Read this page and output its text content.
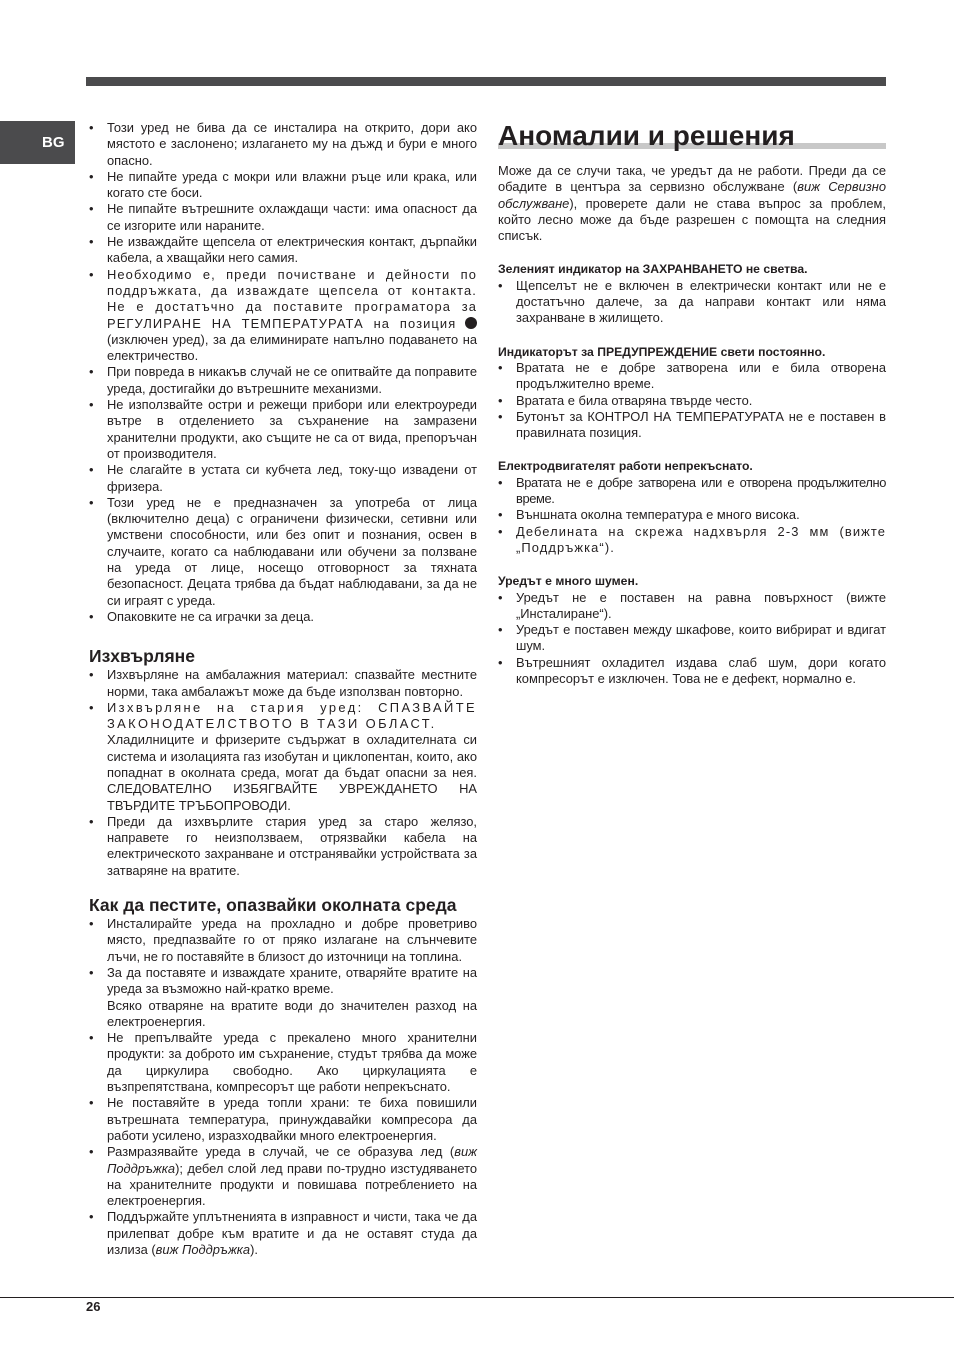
BG
• Този уред не бива да се инсталира на открито, дори ако мястото е заслонено; излагането му на дъжд и бури е много опасно.
• Не пипайте уреда с мокри или влажни ръце или крака, или когато сте боси.
• Не пипайте вътрешните охлаждащи части: има опасност да се изгорите или нараните.
• Не изваждайте щепсела от електрическия контакт, дърпайки кабела, а хващайки него самия.
• Необходимо е, преди почистване и дейности по поддръжката, да изваждате щепсела от контакта. Не е достатъчно да поставите програматора за РЕГУЛИРАНЕ НА ТЕМПЕРАТУРАТА на позиция  (изключен уред), за да елиминирате напълно подаването на електричество.
• При повреда в никакъв случай не се опитвайте да поправите уреда, достигайки до вътрешните механизми.
• Не използвайте остри и режещи прибори или електроуреди вътре в отделението за съхранение на замразени хранителни продукти, ако същите не са от вида, препоръчан от производителя.
• Не слагайте в устата си кубчета лед, току-що извадени от фризера.
• Този уред не е предназначен за употреба от лица (включително деца) с ограничени физически, сетивни или умствени способности, или без опит и познания, освен в случаите, когато са наблюдавани или обучени за ползване на уреда от лице, носещо отговорност за тяхната безопасност. Децата трябва да бъдат наблюдавани, за да не си играят с уреда.
• Опаковките не са играчки за деца.
Изхвърляне
• Изхвърляне на амбалажния материал: спазвайте местните норми, така амбалажът може да бъде използван повторно.
• Изхвърляне на стария уред: СПАЗВАЙТЕ ЗАКОНОДАТЕЛСТВОТО В ТАЗИ ОБЛАСТ.
Хладилниците и фризерите съдържат в охладителната си система и изолацията газ изобутан и циклопентан, които, ако попаднат в околната среда, могат да бъдат опасни за нея. СЛЕДОВАТЕЛНО ИЗБЯГВАЙТЕ УВРЕЖДАНЕТО НА ТВЪРДИТЕ ТРЪБОПРОВОДИ.
• Преди да изхвърлите стария уред за старо желязо, направете го неизползваем, отрязвайки кабела на електрическото захранване и отстранявайки устройствата за затваряне на вратите.
Как да пестите, опазвайки околната среда
• Инсталирайте уреда на прохладно и добре проветриво място, предпазвайте го от пряко излагане на слънчевите лъчи, не го поставяйте в близост до източници на топлина.
• За да поставяте и изваждате храните, отваряйте вратите на уреда за възможно най-кратко време.
Всяко отваряне на вратите води до значителен разход на електроенергия.
• Не препълвайте уреда с прекалено много хранителни продукти: за доброто им съхранение, студът трябва да може да циркулира свободно. Ако циркулацията е възпрепятствана, компресорът ще работи непрекъснато.
• Не поставяйте в уреда топли храни: те биха повишили вътрешната температура, принуждавайки компресора да работи усилено, изразходвайки много електроенергия.
• Размразявайте уреда в случай, че се образува лед (виж Поддръжка); дебел слой лед прави по-трудно изстудяването на хранителните продукти и повишава потреблението на електроенергия.
• Поддържайте уплътненията в изправност и чисти, така че да прилепват добре към вратите и да не оставят студа да излиза (виж Поддръжка).
Аномалии и решения

Може да се случи така, че уредът да не работи. Преди да се обадите в центъра за сервизно обслужване (виж Сервизно обслужване), проверете дали не става въпрос за проблем, който лесно може да бъде разрешен с помощта на следния списък.

Зеленият индикатор на ЗАХРАНВАНЕТО не светва.

• Щепселът не е включен в електрически контакт или не е достатъчно далече, за да направи контакт или няма захранване в жилището.

Индикаторът за ПРЕДУПРЕЖДЕНИЕ свети постоянно.

• Вратата не е добре затворена или е била отворена продължително време.
• Вратата е била отваряна твърде често.
• Бутонът за КОНТРОЛ НА ТЕМПЕРАТУРАТА не е поставен в правилната позиция.

Електродвигателят работи непрекъснато.

• Вратата не е добре затворена или е отворена продължително време.
• Външната околна температура е много висока.
• Дебелината на скрежа надхвърля 2-3 мм (вижте „Поддръжка“).

Уредът е много шумен.

• Уредът не е поставен на равна повърхност (вижте „Инсталиране“).
• Уредът е поставен между шкафове, които вибрират и вдигат шум.
• Вътрешният охладител издава слаб шум, дори когато компресорът е изключен. Това не е дефект, нормално е.
26
